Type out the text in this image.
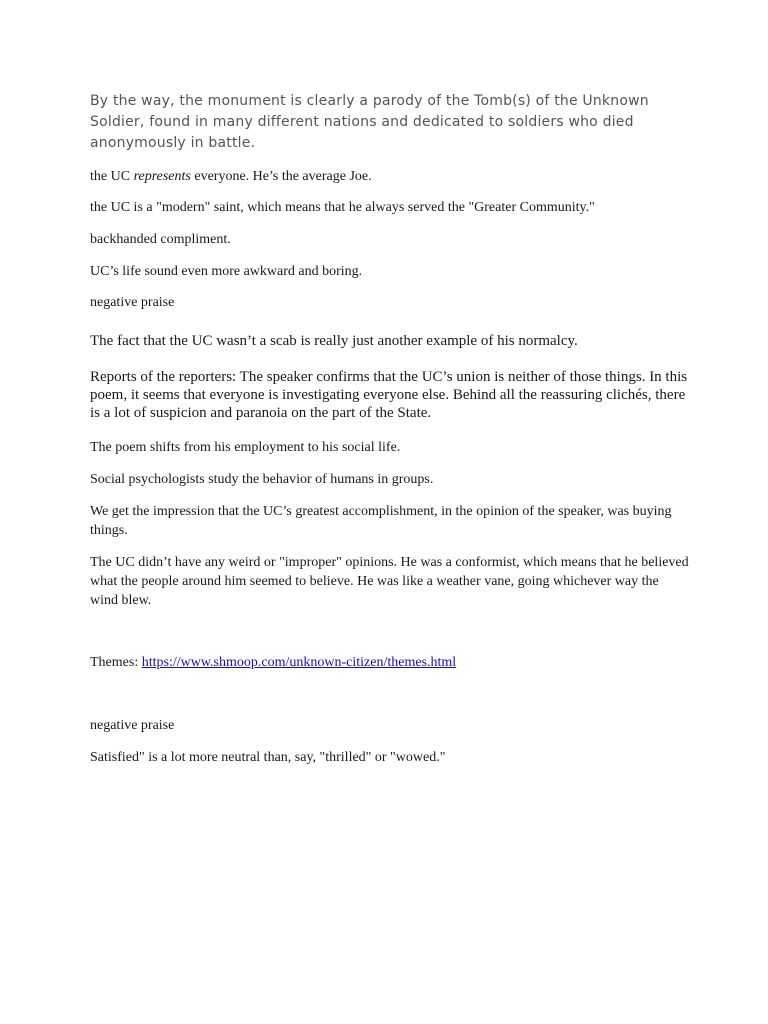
By the way, the monument is clearly a parody of the Tomb(s) of the Unknown Soldier, found in many different nations and dedicated to soldiers who died anonymously in battle.

the UC represents everyone. He’s the average Joe.

the UC is a "modern" saint, which means that he always served the "Greater Community."

backhanded compliment.

UC’s life sound even more awkward and boring.

negative praise

The fact that the UC wasn’t a scab is really just another example of his normalcy.

Reports of the reporters: The speaker confirms that the UC’s union is neither of those things. In this poem, it seems that everyone is investigating everyone else. Behind all the reassuring clichés, there is a lot of suspicion and paranoia on the part of the State.

The poem shifts from his employment to his social life.

Social psychologists study the behavior of humans in groups.

We get the impression that the UC’s greatest accomplishment, in the opinion of the speaker, was buying things.

The UC didn’t have any weird or "improper" opinions. He was a conformist, which means that he believed what the people around him seemed to believe. He was like a weather vane, going whichever way the wind blew.

Themes: https://www.shmoop.com/unknown-citizen/themes.html

negative praise

Satisfied" is a lot more neutral than, say, "thrilled" or "wowed."
